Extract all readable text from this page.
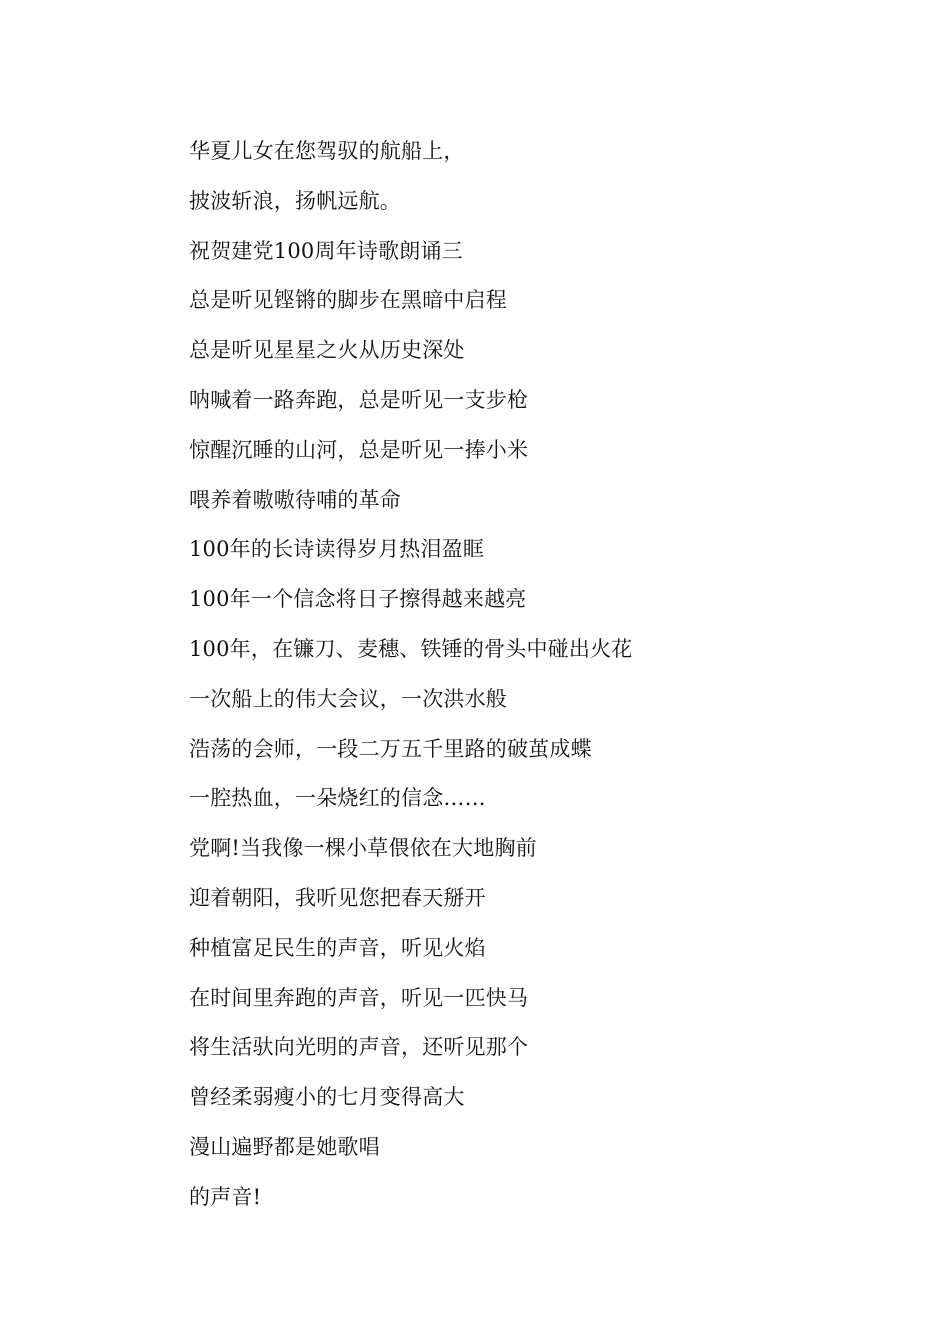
华夏儿女在您驾驭的航船上，
披波斩浪，扬帆远航。
祝贺建党100周年诗歌朗诵三
总是听见铿锵的脚步在黑暗中启程
总是听见星星之火从历史深处
呐喊着一路奔跑，总是听见一支步枪
惊醒沉睡的山河，总是听见一捧小米
喂养着嗷嗷待哺的革命
100年的长诗读得岁月热泪盈眶
100年一个信念将日子擦得越来越亮
100年，在镰刀、麦穗、铁锤的骨头中碰出火花
一次船上的伟大会议，一次洪水般
浩荡的会师，一段二万五千里路的破茧成蝶
一腔热血，一朵烧红的信念……
党啊!当我像一棵小草偎依在大地胸前
迎着朝阳，我听见您把春天掰开
种植富足民生的声音，听见火焰
在时间里奔跑的声音，听见一匹快马
将生活驮向光明的声音，还听见那个
曾经柔弱瘦小的七月变得高大
漫山遍野都是她歌唱
的声音!
